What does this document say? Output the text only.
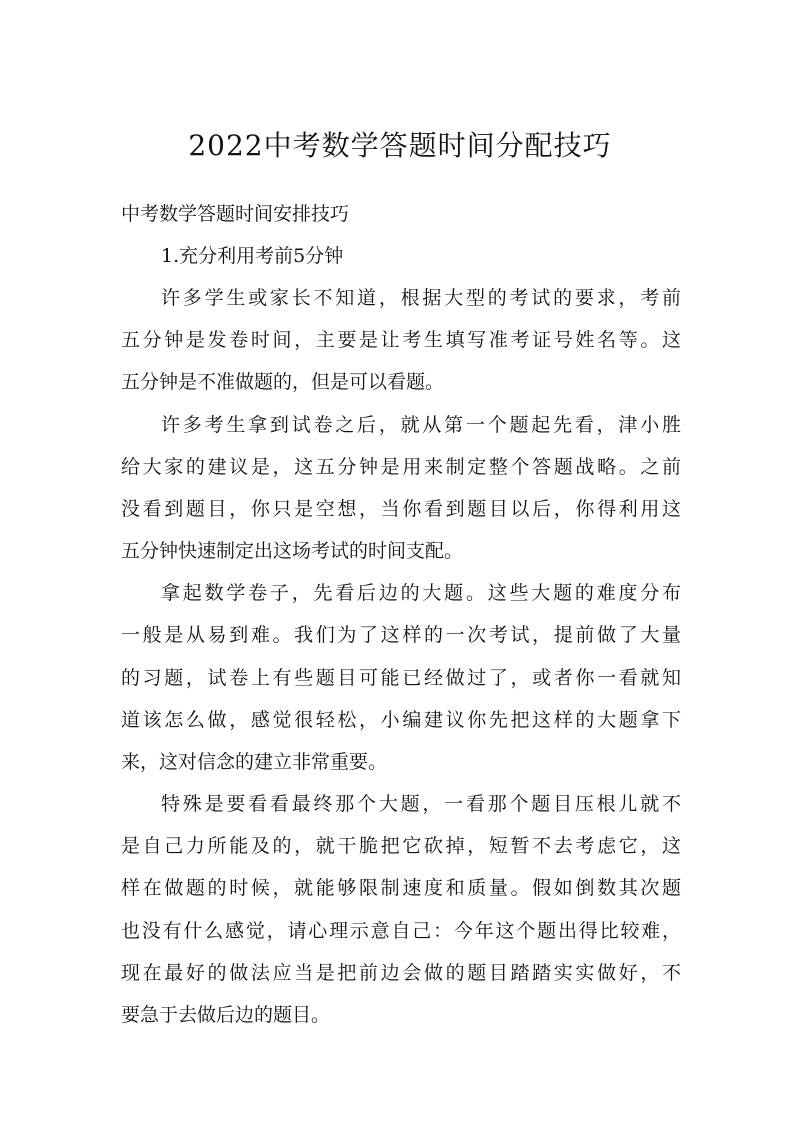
2022中考数学答题时间分配技巧
中考数学答题时间安排技巧
1.充分利用考前5分钟
许多学生或家长不知道，根据大型的考试的要求，考前
五分钟是发卷时间，主要是让考生填写准考证号姓名等。这
五分钟是不准做题的，但是可以看题。
许多考生拿到试卷之后，就从第一个题起先看，津小胜
给大家的建议是，这五分钟是用来制定整个答题战略。之前
没看到题目，你只是空想，当你看到题目以后，你得利用这
五分钟快速制定出这场考试的时间支配。
拿起数学卷子，先看后边的大题。这些大题的难度分布
一般是从易到难。我们为了这样的一次考试，提前做了大量
的习题，试卷上有些题目可能已经做过了，或者你一看就知
道该怎么做，感觉很轻松，小编建议你先把这样的大题拿下
来，这对信念的建立非常重要。
特殊是要看看最终那个大题，一看那个题目压根儿就不
是自己力所能及的，就干脆把它砍掉，短暂不去考虑它，这
样在做题的时候，就能够限制速度和质量。假如倒数其次题
也没有什么感觉，请心理示意自己：今年这个题出得比较难，
现在最好的做法应当是把前边会做的题目踏踏实实做好，不
要急于去做后边的题目。
